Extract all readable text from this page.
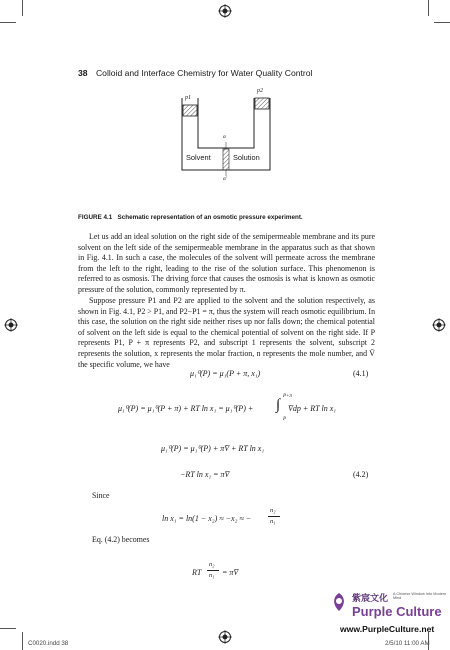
38 Colloid and Interface Chemistry for Water Quality Control
p1
p2
Solvent	Solution
α
α′
FIGURE 4.1 Schematic representation of an osmotic pressure experiment.

Let us add an ideal solution on the right side of the semipermeable membrane and its pure solvent on the left side of the semipermeable membrane in the apparatus such as that shown in Fig. 4.1. In such a case, the molecules of the solvent will permeate across the membrane from the left to the right, leading to the rise of the solution surface. This phenomenon is referred to as osmosis. The driving force that causes the osmosis is what is known as osmotic pressure of the solution, commonly represented by π.

Suppose pressure P1 and P2 are applied to the solvent and the solution respectively, as shown in Fig. 4.1, P2 > P1, and P2−P1 = π, thus the system will reach osmotic equilibrium. In this case, the solution on the right side neither rises up nor falls down; the chemical potential of solvent on the left side is equal to the chemical potential of solvent on the right side. If P represents P1, P + π represents P2, and subscript 1 represents the solvent, subscript 2 represents the solution, x represents the molar fraction, n represents the mole number, and V̄ the specific volume, we have

μ₁⁰(P) = μ₁(P + π, x₁)	(4.1)
μ₁⁰(P) = μ₁⁰(P + π) + RT ln x₁ = μ₁⁰(P) +
P+π
∫
P
V̄dp + RT ln x₁
μ₁⁰(P) = μ₁⁰(P) + πV̄ + RT ln x₁
−RT ln x₁ = πV̄	(4.2)
Since
ln x₁ = ln(1 − x₂) ≈ −x₂ ≈ −
n₂
n₁
Eq. (4.2) becomes
RT
n₂
n₁ = πV̄
紫宸文化 A Chinese Window Into Modern Mind
Purple Culture
www.PurpleCulture.net
C0020.indd 38	2/5/10 11:00 AM
